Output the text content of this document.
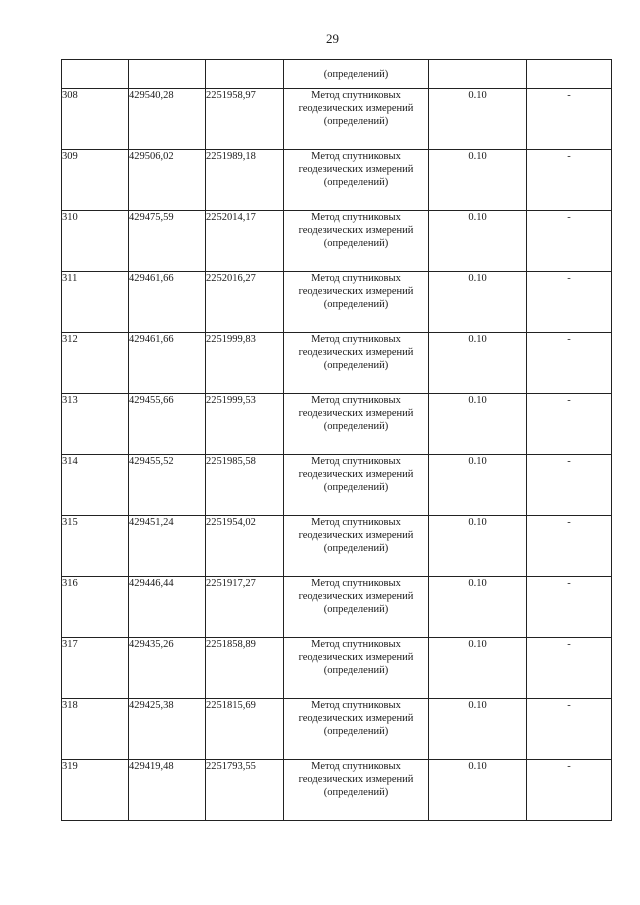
29
			(определений)		
308	429540,28	2251958,97	Метод спутниковых
геодезических измерений
(определений)	0.10	-
309	429506,02	2251989,18	Метод спутниковых
геодезических измерений
(определений)	0.10	-
310	429475,59	2252014,17	Метод спутниковых
геодезических измерений
(определений)	0.10	-
311	429461,66	2252016,27	Метод спутниковых
геодезических измерений
(определений)	0.10	-
312	429461,66	2251999,83	Метод спутниковых
геодезических измерений
(определений)	0.10	-
313	429455,66	2251999,53	Метод спутниковых
геодезических измерений
(определений)	0.10	-
314	429455,52	2251985,58	Метод спутниковых
геодезических измерений
(определений)	0.10	-
315	429451,24	2251954,02	Метод спутниковых
геодезических измерений
(определений)	0.10	-
316	429446,44	2251917,27	Метод спутниковых
геодезических измерений
(определений)	0.10	-
317	429435,26	2251858,89	Метод спутниковых
геодезических измерений
(определений)	0.10	-
318	429425,38	2251815,69	Метод спутниковых
геодезических измерений
(определений)	0.10	-
319	429419,48	2251793,55	Метод спутниковых
геодезических измерений
(определений)	0.10	-
